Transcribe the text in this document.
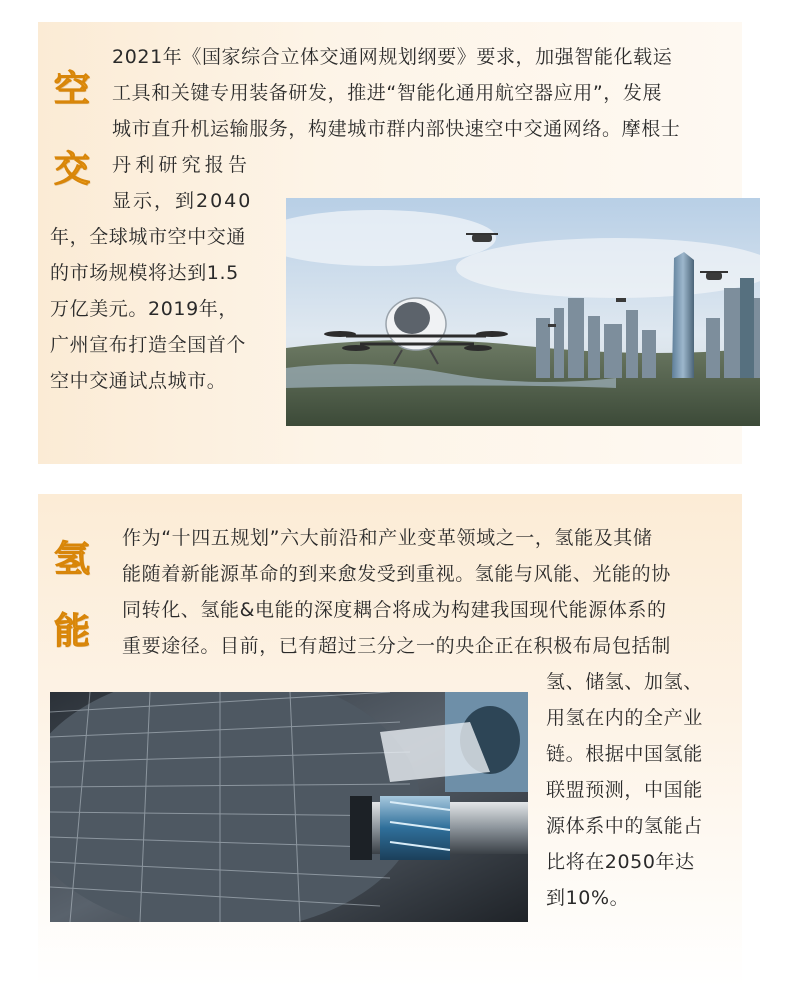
空
交

2021年《国家综合立体交通网规划纲要》要求，加强智能化载运

工具和关键专用装备研发，推进“智能化通用航空器应用”，发展

城市直升机运输服务，构建城市群内部快速空中交通网络。摩根士

丹利研究报告

显示，到2040

年，全球城市空中交通

的市场规模将达到1.5

万亿美元。2019年，

广州宣布打造全国首个

空中交通试点城市。

氢
能

作为“十四五规划”六大前沿和产业变革领域之一，氢能及其储

能随着新能源革命的到来愈发受到重视。氢能与风能、光能的协

同转化、氢能&电能的深度耦合将成为构建我国现代能源体系的

重要途径。目前，已有超过三分之一的央企正在积极布局包括制

氢、储氢、加氢、

用氢在内的全产业

链。根据中国氢能

联盟预测，中国能

源体系中的氢能占

比将在2050年达

到10%。
